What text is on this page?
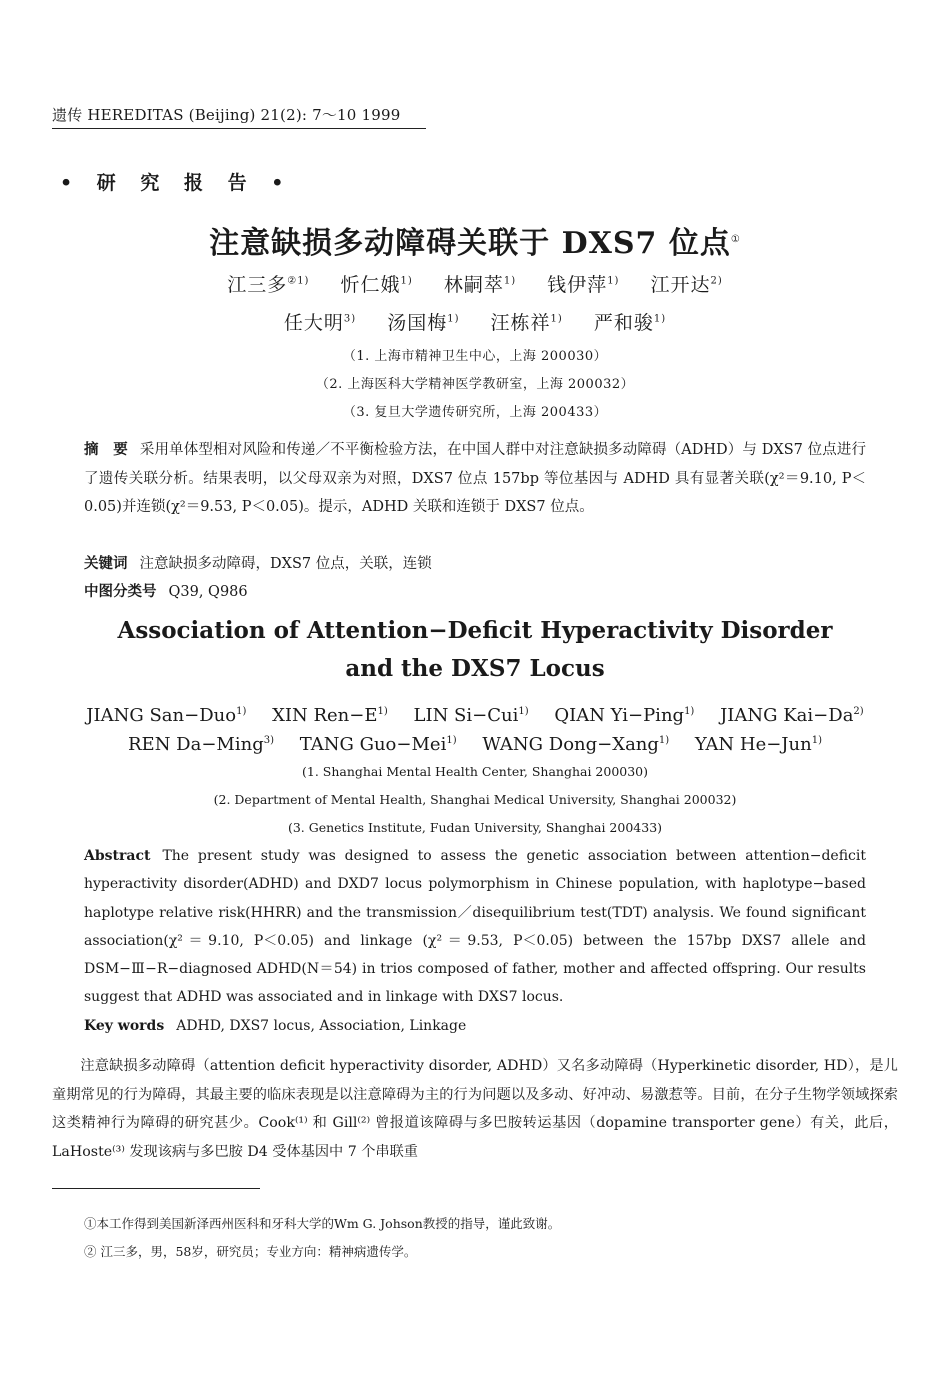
遗传 HEREDITAS (Beijing) 21(2): 7～10 1999
• 研 究 报 告 •
注意缺损多动障碍关联于 DXS7 位点①
江三多$^{②1)}$ 忻仁娥$^{1)}$ 林嗣萃$^{1)}$ 钱伊萍$^{1)}$ 江开达$^{2)}$
任大明$^{3)}$ 汤国梅$^{1)}$ 汪栋祥$^{1)}$ 严和骏$^{1)}$
（1. 上海市精神卫生中心，上海 200030）
（2. 上海医科大学精神医学教研室，上海 200032）
（3. 复旦大学遗传研究所，上海 200433）
摘　要 采用单体型相对风险和传递／不平衡检验方法，在中国人群中对注意缺损多动障碍（ADHD）与 DXS7 位点进行了遗传关联分析。结果表明，以父母双亲为对照，DXS7 位点 157bp 等位基因与 ADHD 具有显著关联(χ²＝9.10, P＜0.05)并连锁(χ²＝9.53, P＜0.05)。提示，ADHD 关联和连锁于 DXS7 位点。
关键词 注意缺损多动障碍，DXS7 位点，关联，连锁
中图分类号 Q39, Q986
Association of Attention−Deficit Hyperactivity Disorder
and the DXS7 Locus
JIANG San−Duo$^{1)}$ XIN $Ren-E^{1)}$ LIN Si−Cui$^{1)}$ QIAN Yi−Ping$^{1)}$ JIANG $Kai-Da^{2)}$
REN Da−Ming$^{3)}$ TANG Guo−Mei$^{1)}$ WANG Dong−Xang$^{1)}$ YAN He−Jun$^{1)}$
(1. Shanghai Mental Health Center, Shanghai 200030)
(2. Department of Mental Health, Shanghai Medical University, Shanghai 200032)
(3. Genetics Institute, Fudan University, Shanghai 200433)
Abstract The present study was designed to assess the genetic association between attention−deficit hyperactivity disorder(ADHD) and DXD7 locus polymorphism in Chinese population, with haplotype−based haplotype relative risk(HHRR) and the transmission／disequilibrium test(TDT) analysis. We found significant association(χ²＝9.10, P＜0.05) and linkage (χ²＝9.53, P＜0.05) between the 157bp DXS7 allele and DSM−Ⅲ−R−diagnosed ADHD(N＝54) in trios composed of father, mother and affected offspring. Our results suggest that ADHD was associated and in linkage with DXS7 locus.
Key words ADHD, DXS7 locus, Association, Linkage
注意缺损多动障碍（attention deficit hyperactivity disorder, ADHD）又名多动障碍（Hyperkinetic disorder, HD），是儿童期常见的行为障碍，其最主要的临床表现是以注意障碍为主的行为问题以及多动、好冲动、易激惹等。目前，在分子生物学领域探索这类精神行为障碍的研究甚少。Cook⁽¹⁾ 和 Gill⁽²⁾ 曾报道该障碍与多巴胺转运基因（dopamine transporter gene）有关，此后，LaHoste⁽³⁾ 发现该病与多巴胺 D4 受体基因中 7 个串联重
①本工作得到美国新泽西州医科和牙科大学的Wm G. Johson教授的指导，谨此致谢。
② 江三多，男，58岁，研究员；专业方向：精神病遗传学。
